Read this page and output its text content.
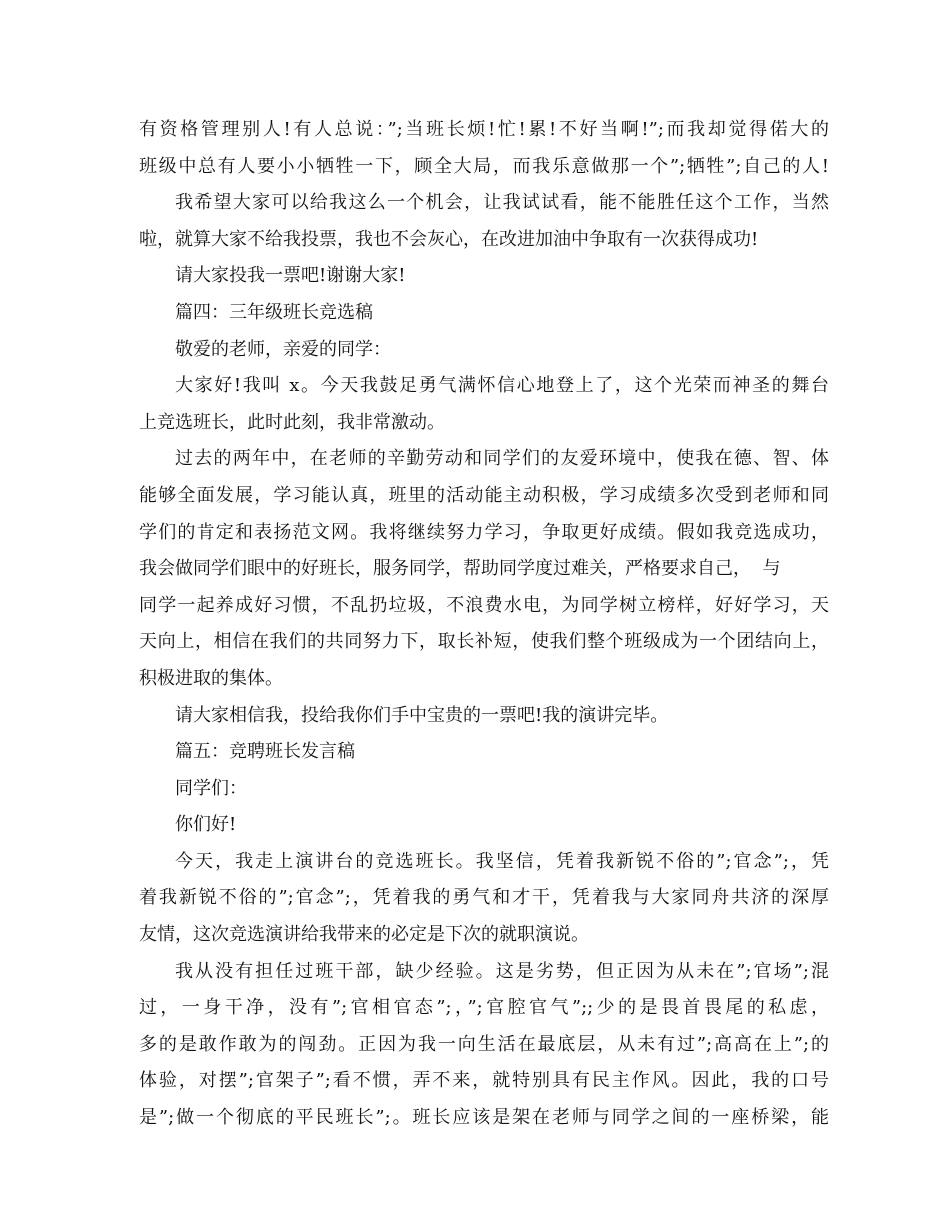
有资格管理别人!有人总说：”;当班长烦!忙!累!不好当啊!”;而我却觉得偌大的
班级中总有人要小小牺牲一下，顾全大局，而我乐意做那一个”;牺牲”;自己的人!
我希望大家可以给我这么一个机会，让我试试看，能不能胜任这个工作，当然
啦，就算大家不给我投票，我也不会灰心，在改进加油中争取有一次获得成功!
请大家投我一票吧!谢谢大家!
篇四：三年级班长竞选稿
敬爱的老师，亲爱的同学：
大家好!我叫 x。今天我鼓足勇气满怀信心地登上了，这个光荣而神圣的舞台
上竞选班长，此时此刻，我非常激动。
过去的两年中，在老师的辛勤劳动和同学们的友爱环境中，使我在德、智、体
能够全面发展，学习能认真，班里的活动能主动积极，学习成绩多次受到老师和同
学们的肯定和表扬范文网。我将继续努力学习，争取更好成绩。假如我竞选成功，
我会做同学们眼中的好班长，服务同学，帮助同学度过难关，严格要求自己，  与
同学一起养成好习惯，不乱扔垃圾，不浪费水电，为同学树立榜样，好好学习，天
天向上，相信在我们的共同努力下，取长补短，使我们整个班级成为一个团结向上，
积极进取的集体。
请大家相信我，投给我你们手中宝贵的一票吧!我的演讲完毕。
篇五：竞聘班长发言稿
同学们：
你们好!
今天，我走上演讲台的竞选班长。我坚信，凭着我新锐不俗的”;官念”;，凭
着我新锐不俗的”;官念”;，凭着我的勇气和才干，凭着我与大家同舟共济的深厚
友情，这次竞选演讲给我带来的必定是下次的就职演说。
我从没有担任过班干部，缺少经验。这是劣势，但正因为从未在”;官场”;混
过，一身干净，没有”;官相官态”;，”;官腔官气”;;少的是畏首畏尾的私虑，
多的是敢作敢为的闯劲。正因为我一向生活在最底层，从未有过”;高高在上”;的
体验，对摆”;官架子”;看不惯，弄不来，就特别具有民主作风。因此，我的口号
是”;做一个彻底的平民班长”;。班长应该是架在老师与同学之间的一座桥梁，能
